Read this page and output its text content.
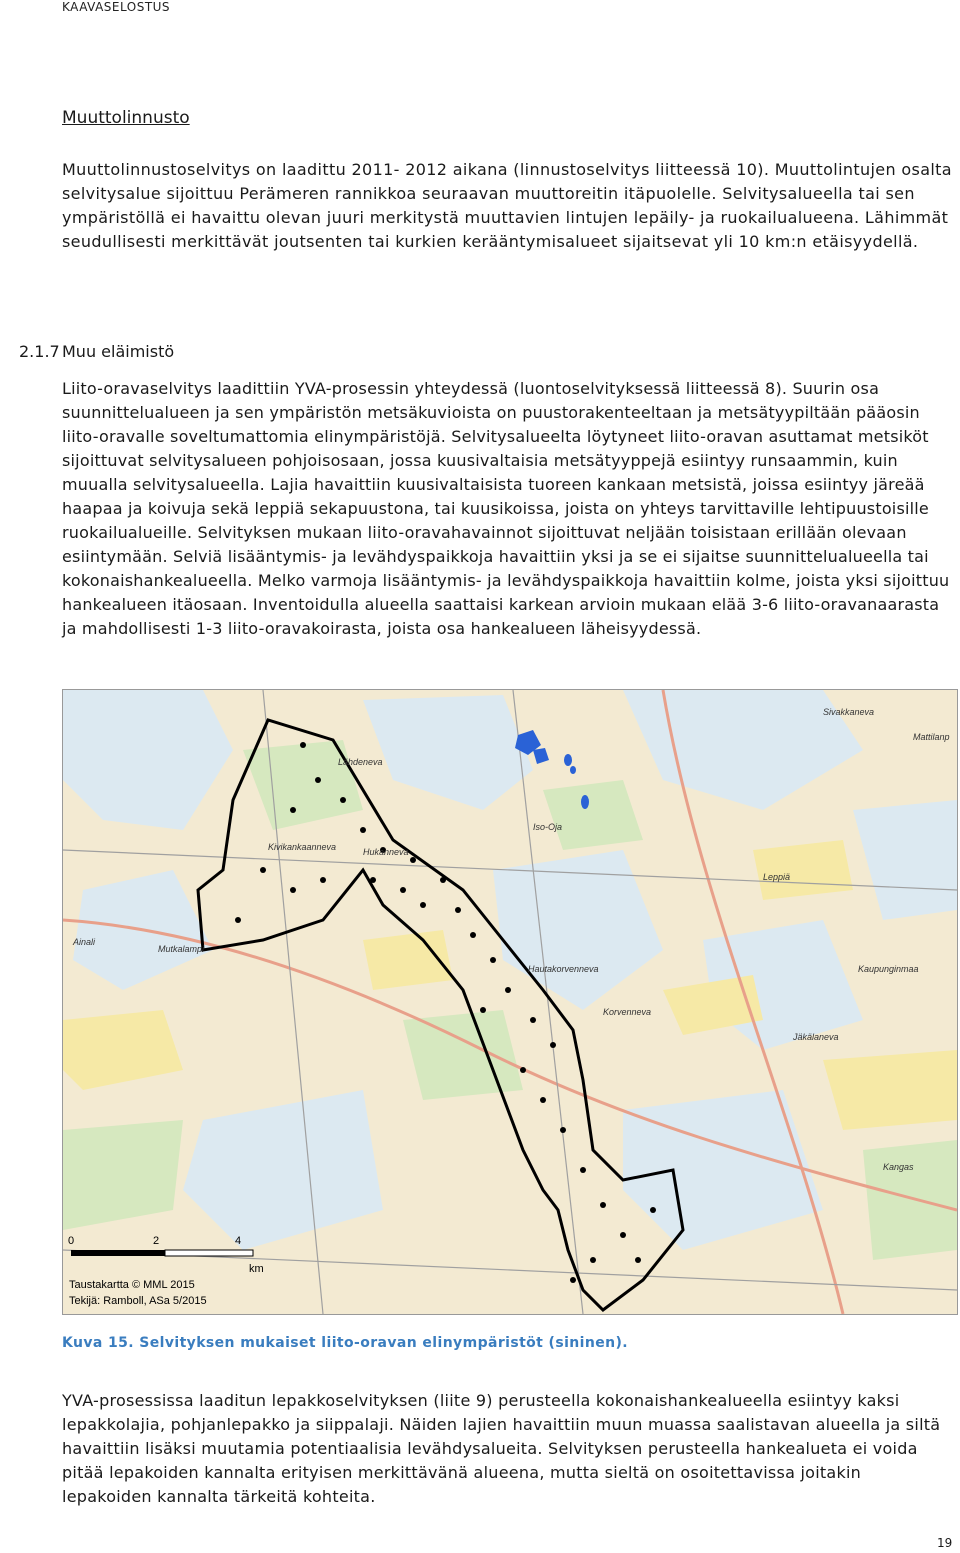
KAAVASELOSTUS
Muuttolinnusto

Muuttolinnustoselvitys on laadittu 2011- 2012 aikana (linnustoselvitys liitteessä 10). Muuttolintujen osalta selvitysalue sijoittuu Perämeren rannikkoa seuraavan muuttoreitin itäpuolelle. Selvitysalueella tai sen ympäristöllä ei havaittu olevan juuri merkitystä muuttavien lintujen lepäily- ja ruokailualueena. Lähimmät seudullisesti merkittävät joutsenten tai kurkien kerääntymisalueet sijaitsevat yli 10 km:n etäisyydellä.

2.1.7 Muu eläimistö

Liito-oravaselvitys laadittiin YVA-prosessin yhteydessä (luontoselvityksessä liitteessä 8). Suurin osa suunnittelualueen ja sen ympäristön metsäkuvioista on puustorakenteeltaan ja metsätyypiltään pääosin liito-oravalle soveltumattomia elinympäristöjä. Selvitysalueelta löytyneet liito-oravan asuttamat metsiköt sijoittuvat selvitysalueen pohjoisosaan, jossa kuusivaltaisia metsätyyppejä esiintyy runsaammin, kuin muualla selvitysalueella. Lajia havaittiin kuusivaltaisista tuoreen kankaan metsistä, joissa esiintyy järeää haapaa ja koivuja sekä leppiä sekapuustona, tai kuusikoissa, joista on yhteys tarvittaville lehtipuustoisille ruokailualueille. Selvityksen mukaan liito-oravahavainnot sijoittuvat neljään toisistaan erillään olevaan esiintymään. Selviä lisääntymis- ja levähdyspaikkoja havaittiin yksi ja se ei sijaitse suunnittelualueella tai kokonaishankealueella. Melko varmoja lisääntymis- ja levähdyspaikkoja havaittiin kolme, joista yksi sijoittuu hankealueen itäosaan. Inventoidulla alueella saattaisi karkean arvioin mukaan elää 3-6 liito-oravanaarasta ja mahdollisesti 1-3 liito-oravakoirasta, joista osa hankealueen läheisyydessä.

Lähdeneva
Hukanneva
Kivikankaanneva
Sivakkaneva
Jäkälaneva
Mutkalampi
Ainali
Korvenneva
Hautakorvenneva
Kangas
Iso-Oja
Mattilanp
Leppiä
Kaupunginmaa
0	2	4
km
Taustakartta © MML 2015
Tekijä: Ramboll, ASa 5/2015
Kuva 15. Selvityksen mukaiset liito-oravan elinympäristöt (sininen).

YVA-prosessissa laaditun lepakkoselvityksen (liite 9) perusteella kokonaishankealueella esiintyy kaksi lepakkolajia, pohjanlepakko ja siippalaji. Näiden lajien havaittiin muun muassa saalistavan alueella ja siltä havaittiin lisäksi muutamia potentiaalisia levähdysalueita. Selvityksen perusteella hankealueta ei voida pitää lepakoiden kannalta erityisen merkittävänä alueena, mutta sieltä on osoitettavissa joitakin lepakoiden kannalta tärkeitä kohteita.

19
